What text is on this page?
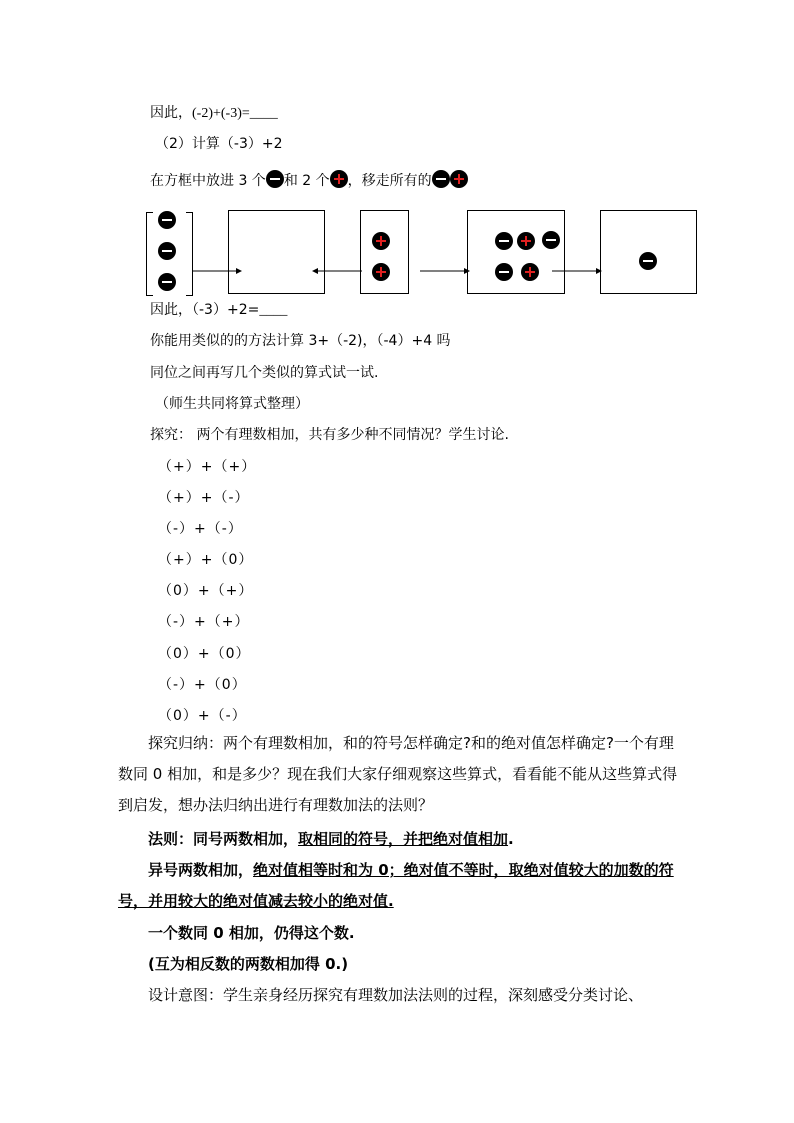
因此，(-2)+(-3)=____
（2）计算（-3）+2
在方框中放进 3 个 和 2 个 ，移走所有的
因此，（-3）+2=____
你能用类似的的方法计算 3+（-2)，（-4）+4 吗
同位之间再写几个类似的算式试一试.
（师生共同将算式整理）
探究： 两个有理数相加，共有多少种不同情况？学生讨论.
（+）+（+）
（+）+（-）
（-）+（-）
（+）+（0）
（0）+（+）
（-）+（+）
（0）+（0）
（-）+（0）
（0）+（-）
探究归纳：两个有理数相加，和的符号怎样确定?和的绝对值怎样确定?一个有理数同 0 相加，和是多少？现在我们大家仔细观察这些算式，看看能不能从这些算式得到启发，想办法归纳出进行有理数加法的法则？
法则：同号两数相加，取相同的符号，并把绝对值相加.
异号两数相加，绝对值相等时和为 0；绝对值不等时，取绝对值较大的加数的符号，并用较大的绝对值减去较小的绝对值.
一个数同 0 相加，仍得这个数.
(互为相反数的两数相加得 0.)
设计意图：学生亲身经历探究有理数加法法则的过程，深刻感受分类讨论、
